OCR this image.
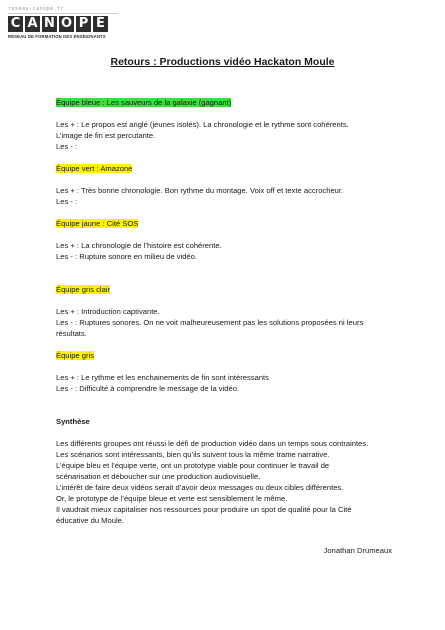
reseau-canope.fr
C A N O P É
RÉSEAU DE FORMATION DES ENSEIGNANTS
Retours : Productions vidéo Hackaton Moule
Équipe bleue : Les sauveurs de la galaxie (gagnant)
Les + : Le propos est anglé (jeunes isolés). La chronologie et le rythme sont cohérents.
L’image de fin est percutante.
Les - :
Équipe vert : Amazone
Les + : Très bonne chronologie. Bon rythme du montage. Voix off et texte accrocheur.
Les - :
Équipe jaune : Cité SOS
Les + : La chronologie de l’histoire est cohérente.
Les - : Rupture sonore en milieu de vidéo.
Équipe gris clair
Les + : Introduction captivante.
Les - : Ruptures sonores. On ne voit malheureusement pas les solutions proposées ni leurs
résultats.
Équipe gris
Les + : Le rythme et les enchainements de fin sont intéressants
Les - : Difficulté à comprendre le message de la vidéo.
Synthèse
Les différents groupes ont réussi le défi de production vidéo dans un temps sous contraintes.
Les scénarios sont intéressants, bien qu’ils suivent tous la même trame narrative.
L’équipe bleu et l’équipe verte, ont un prototype viable pour continuer le travail de
scénarisation et déboucher sur une production audiovisuelle.
L’intérêt de faire deux vidéos serait d’avoir deux messages ou deux cibles différentes.
Or, le prototype de l’équipe bleue et verte est sensiblement le même.
Il vaudrait mieux capitaliser nos ressources pour produire un spot de qualité pour la Cité
éducative du Moule.
Jonathan Drumeaux
